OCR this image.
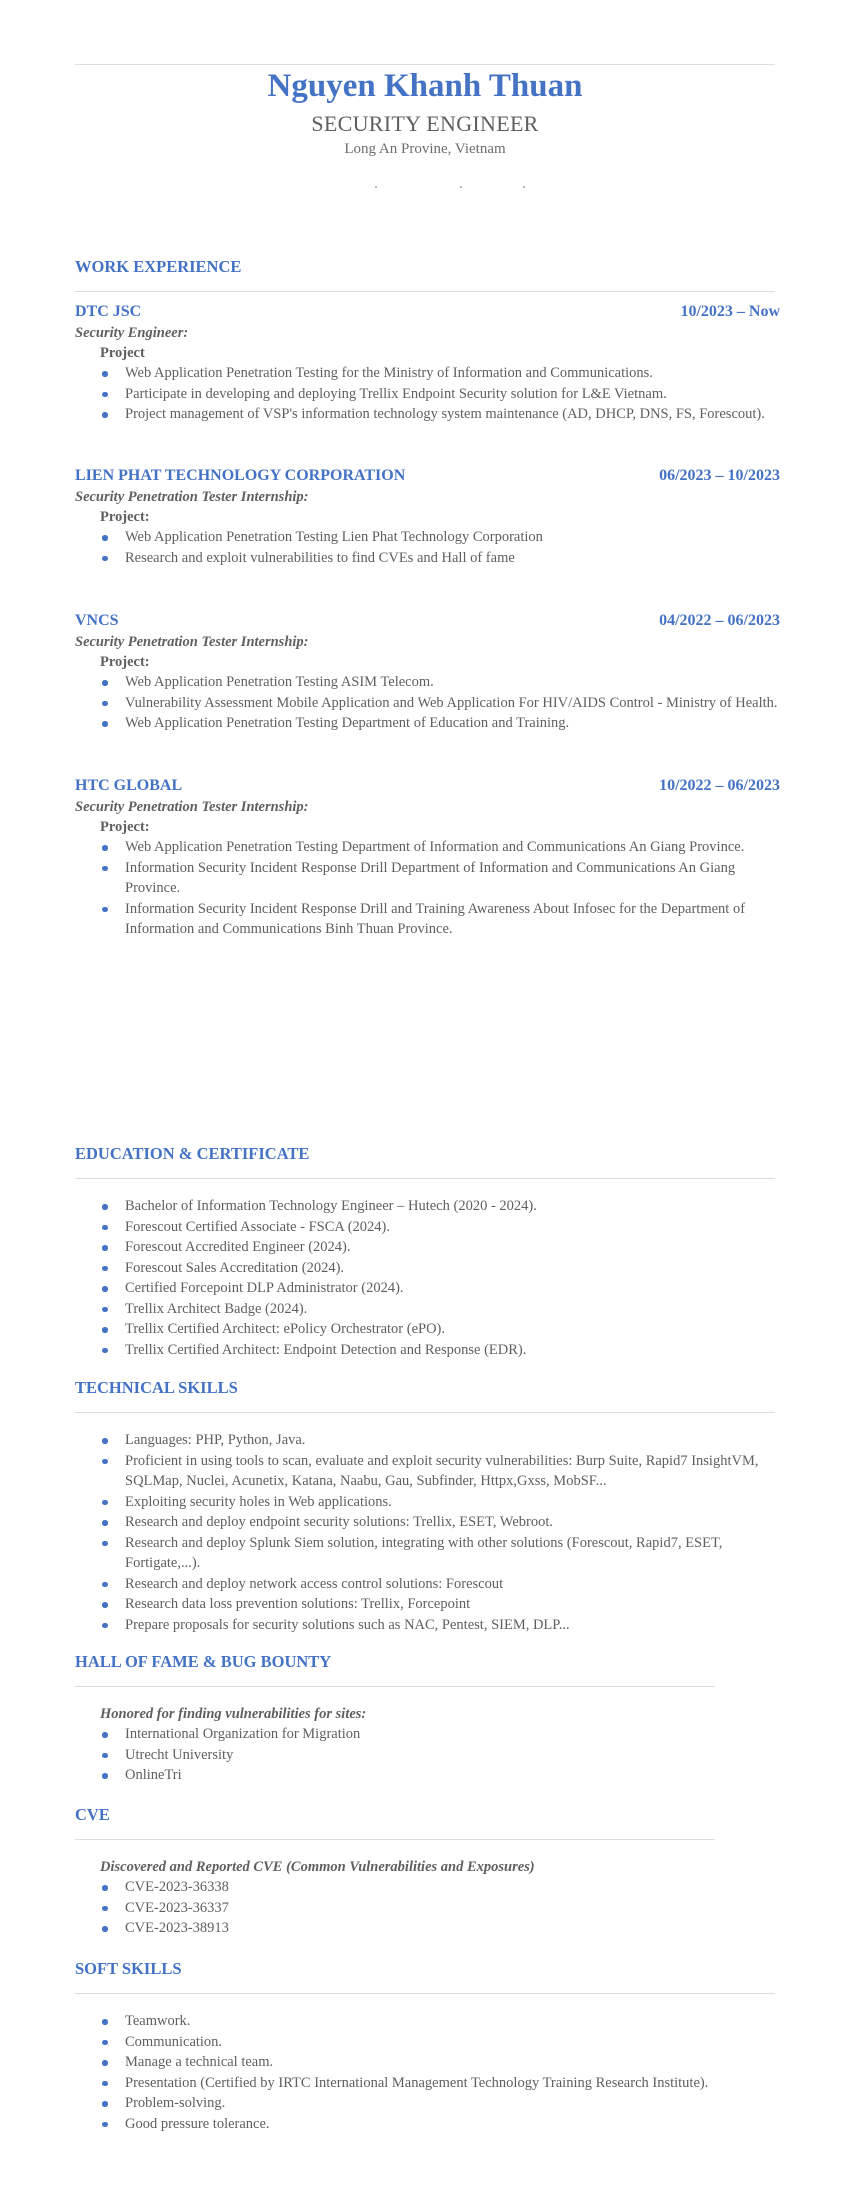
Nguyen Khanh Thuan
SECURITY ENGINEER
Long An Provine, Vietnam
WORK EXPERIENCE
DTC JSC	10/2023 – Now
Security Engineer:
Project
Web Application Penetration Testing for the Ministry of Information and Communications.
Participate in developing and deploying Trellix Endpoint Security solution for L&E Vietnam.
Project management of VSP's information technology system maintenance (AD, DHCP, DNS, FS, Forescout).
LIEN PHAT TECHNOLOGY CORPORATION	06/2023 – 10/2023
Security Penetration Tester Internship:
Project:
Web Application Penetration Testing Lien Phat Technology Corporation
Research and exploit vulnerabilities to find CVEs and Hall of fame
VNCS	04/2022 – 06/2023
Security Penetration Tester Internship:
Project:
Web Application Penetration Testing ASIM Telecom.
Vulnerability Assessment Mobile Application and Web Application For HIV/AIDS Control - Ministry of Health.
Web Application Penetration Testing Department of Education and Training.
HTC GLOBAL	10/2022 – 06/2023
Security Penetration Tester Internship:
Project:
Web Application Penetration Testing Department of Information and Communications An Giang Province.
Information Security Incident Response Drill Department of Information and Communications An Giang Province.
Information Security Incident Response Drill and Training Awareness About Infosec for the Department of Information and Communications Binh Thuan Province.
EDUCATION & CERTIFICATE
Bachelor of Information Technology Engineer – Hutech (2020 - 2024).
Forescout Certified Associate - FSCA (2024).
Forescout Accredited Engineer (2024).
Forescout Sales Accreditation (2024).
Certified Forcepoint DLP Administrator (2024).
Trellix Architect Badge (2024).
Trellix Certified Architect: ePolicy Orchestrator (ePO).
Trellix Certified Architect: Endpoint Detection and Response (EDR).
TECHNICAL SKILLS
Languages: PHP, Python, Java.
Proficient in using tools to scan, evaluate and exploit security vulnerabilities: Burp Suite, Rapid7 InsightVM, SQLMap, Nuclei, Acunetix, Katana, Naabu, Gau, Subfinder, Httpx,Gxss, MobSF...
Exploiting security holes in Web applications.
Research and deploy endpoint security solutions: Trellix, ESET, Webroot.
Research and deploy Splunk Siem solution, integrating with other solutions (Forescout, Rapid7, ESET, Fortigate,...).
Research and deploy network access control solutions: Forescout
Research data loss prevention solutions: Trellix, Forcepoint
Prepare proposals for security solutions such as NAC, Pentest, SIEM, DLP...
HALL OF FAME & BUG BOUNTY
Honored for finding vulnerabilities for sites:
International Organization for Migration
Utrecht University
OnlineTri
CVE
Discovered and Reported CVE (Common Vulnerabilities and Exposures)
CVE-2023-36338
CVE-2023-36337
CVE-2023-38913
SOFT SKILLS
Teamwork.
Communication.
Manage a technical team.
Presentation (Certified by IRTC International Management Technology Training Research Institute).
Problem-solving.
Good pressure tolerance.
